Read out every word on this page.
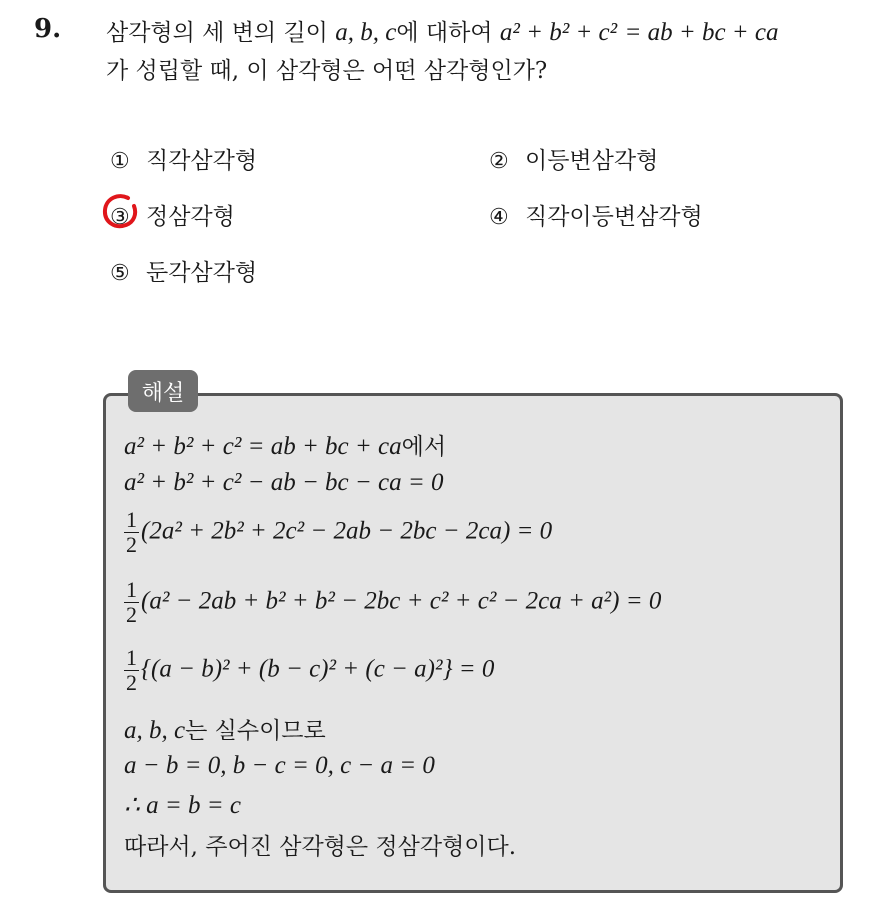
9. 삼각형의 세 변의 길이 a, b, c에 대하여 a² + b² + c² = ab + bc + ca
가 성립할 때, 이 삼각형은 어떤 삼각형인가?
① 직각삼각형	② 이등변삼각형
③ 정삼각형	④ 직각이등변삼각형
⑤ 둔각삼각형
해설
a² + b² + c² = ab + bc + ca에서
a² + b² + c² − ab − bc − ca = 0
$\frac{1}{2} (2a^2 + 2b^2 + 2c^2 - 2ab - 2bc - 2ca) = 0$
$\frac{1}{2} (a^2 - 2ab + b^2 + b^2 - 2bc + c^2 + c^2 - 2ca + a^2) = 0$
$\frac{1}{2} \{(a - b)^2 + (b - c)^2 + (c - a)^2\} = 0$
a, b, c는 실수이므로
a − b = 0, b − c = 0, c − a = 0
∴ a = b = c
따라서, 주어진 삼각형은 정삼각형이다.
